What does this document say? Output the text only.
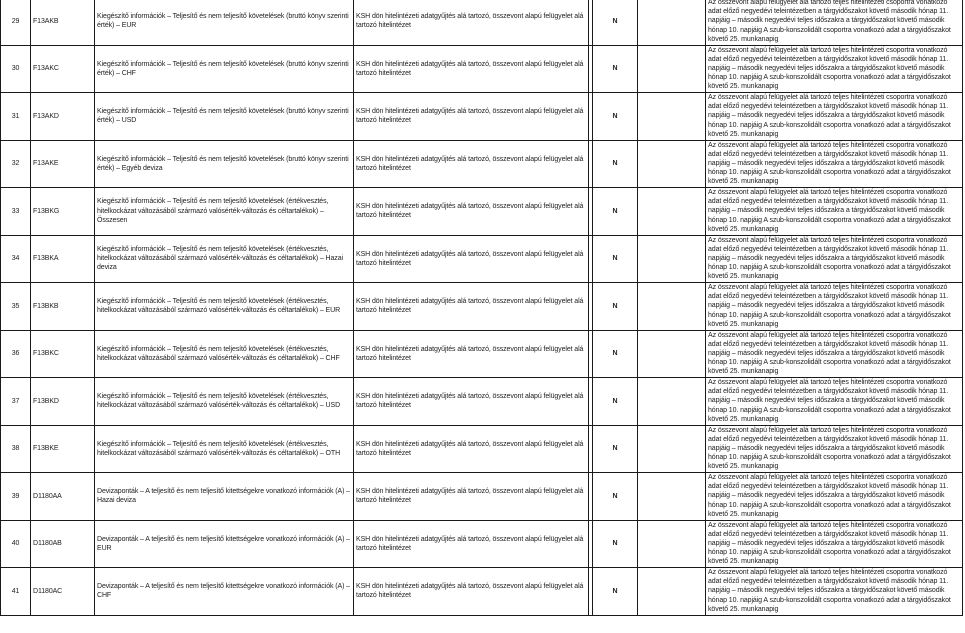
29	F13AKB	Kiegészítő információk – Teljesítő és nem teljesítő követelések (bruttó könyv szerinti érték) – EUR	KSH dön hitelintézeti adatgyűjtés alá tartozó, összevont alapú felügyelet alá tartozó hitelintézet		N		Az összevont alapú felügyelet alá tartozó teljes hitelintézeti csoportra vonatkozó adat előző negyedévi teleintézetben a tárgyidőszakot követő második hónap 11. napjáig – második negyedévi teljes időszakra a tárgyidőszakot követő második hónap 10. napjáig A szub-konszolidált csoportra vonatkozó adat a tárgyidőszakot követő 25. munkanapig
30	F13AKC	Kiegészítő információk – Teljesítő és nem teljesítő követelések (bruttó könyv szerinti érték) – CHF	KSH dön hitelintézeti adatgyűjtés alá tartozó, összevont alapú felügyelet alá tartozó hitelintézet		N		Az összevont alapú felügyelet alá tartozó teljes hitelintézeti csoportra vonatkozó adat előző negyedévi teleintézetben a tárgyidőszakot követő második hónap 11. napjáig – második negyedévi teljes időszakra a tárgyidőszakot követő második hónap 10. napjáig A szub-konszolidált csoportra vonatkozó adat a tárgyidőszakot követő 25. munkanapig
31	F13AKD	Kiegészítő információk – Teljesítő és nem teljesítő követelések (bruttó könyv szerinti érték) – USD	KSH dön hitelintézeti adatgyűjtés alá tartozó, összevont alapú felügyelet alá tartozó hitelintézet		N		Az összevont alapú felügyelet alá tartozó teljes hitelintézeti csoportra vonatkozó adat előző negyedévi teleintézetben a tárgyidőszakot követő második hónap 11. napjáig – második negyedévi teljes időszakra a tárgyidőszakot követő második hónap 10. napjáig A szub-konszolidált csoportra vonatkozó adat a tárgyidőszakot követő 25. munkanapig
32	F13AKE	Kiegészítő információk – Teljesítő és nem teljesítő követelések (bruttó könyv szerinti érték) – Egyéb deviza	KSH dön hitelintézeti adatgyűjtés alá tartozó, összevont alapú felügyelet alá tartozó hitelintézet		N		Az összevont alapú felügyelet alá tartozó teljes hitelintézeti csoportra vonatkozó adat előző negyedévi teleintézetben a tárgyidőszakot követő második hónap 11. napjáig – második negyedévi teljes időszakra a tárgyidőszakot követő második hónap 10. napjáig A szub-konszolidált csoportra vonatkozó adat a tárgyidőszakot követő 25. munkanapig
33	F13BKG	Kiegészítő információk – Teljesítő és nem teljesítő követelések (értékvesztés, hitelkockázat változásából származó valósérték-változás és céltartalékok) – Összesen	KSH dön hitelintézeti adatgyűjtés alá tartozó, összevont alapú felügyelet alá tartozó hitelintézet		N		Az összevont alapú felügyelet alá tartozó teljes hitelintézeti csoportra vonatkozó adat előző negyedévi teleintézetben a tárgyidőszakot követő második hónap 11. napjáig – második negyedévi teljes időszakra a tárgyidőszakot követő második hónap 10. napjáig A szub-konszolidált csoportra vonatkozó adat a tárgyidőszakot követő 25. munkanapig
34	F13BKA	Kiegészítő információk – Teljesítő és nem teljesítő követelések (értékvesztés, hitelkockázat változásából származó valósérték-változás és céltartalékok) – Hazai deviza	KSH dön hitelintézeti adatgyűjtés alá tartozó, összevont alapú felügyelet alá tartozó hitelintézet		N		Az összevont alapú felügyelet alá tartozó teljes hitelintézeti csoportra vonatkozó adat előző negyedévi teleintézetben a tárgyidőszakot követő második hónap 11. napjáig – második negyedévi teljes időszakra a tárgyidőszakot követő második hónap 10. napjáig A szub-konszolidált csoportra vonatkozó adat a tárgyidőszakot követő 25. munkanapig
35	F13BKB	Kiegészítő információk – Teljesítő és nem teljesítő követelések (értékvesztés, hitelkockázat változásából származó valósérték-változás és céltartalékok) – EUR	KSH dön hitelintézeti adatgyűjtés alá tartozó, összevont alapú felügyelet alá tartozó hitelintézet		N		Az összevont alapú felügyelet alá tartozó teljes hitelintézeti csoportra vonatkozó adat előző negyedévi teleintézetben a tárgyidőszakot követő második hónap 11. napjáig – második negyedévi teljes időszakra a tárgyidőszakot követő második hónap 10. napjáig A szub-konszolidált csoportra vonatkozó adat a tárgyidőszakot követő 25. munkanapig
36	F13BKC	Kiegészítő információk – Teljesítő és nem teljesítő követelések (értékvesztés, hitelkockázat változásából származó valósérték-változás és céltartalékok) – CHF	KSH dön hitelintézeti adatgyűjtés alá tartozó, összevont alapú felügyelet alá tartozó hitelintézet		N		Az összevont alapú felügyelet alá tartozó teljes hitelintézeti csoportra vonatkozó adat előző negyedévi teleintézetben a tárgyidőszakot követő második hónap 11. napjáig – második negyedévi teljes időszakra a tárgyidőszakot követő második hónap 10. napjáig A szub-konszolidált csoportra vonatkozó adat a tárgyidőszakot követő 25. munkanapig
37	F13BKD	Kiegészítő információk – Teljesítő és nem teljesítő követelések (értékvesztés, hitelkockázat változásából származó valósérték-változás és céltartalékok) – USD	KSH dön hitelintézeti adatgyűjtés alá tartozó, összevont alapú felügyelet alá tartozó hitelintézet		N		Az összevont alapú felügyelet alá tartozó teljes hitelintézeti csoportra vonatkozó adat előző negyedévi teleintézetben a tárgyidőszakot követő második hónap 11. napjáig – második negyedévi teljes időszakra a tárgyidőszakot követő második hónap 10. napjáig A szub-konszolidált csoportra vonatkozó adat a tárgyidőszakot követő 25. munkanapig
38	F13BKE	Kiegészítő információk – Teljesítő és nem teljesítő követelések (értékvesztés, hitelkockázat változásából származó valósérték-változás és céltartalékok) – OTH	KSH dön hitelintézeti adatgyűjtés alá tartozó, összevont alapú felügyelet alá tartozó hitelintézet		N		Az összevont alapú felügyelet alá tartozó teljes hitelintézeti csoportra vonatkozó adat előző negyedévi teleintézetben a tárgyidőszakot követő második hónap 11. napjáig – második negyedévi teljes időszakra a tárgyidőszakot követő második hónap 10. napjáig A szub-konszolidált csoportra vonatkozó adat a tárgyidőszakot követő 25. munkanapig
39	D1180AA	Devizaponták – A teljesítő és nem teljesítő kitettségekre vonatkozó információk (A) – Hazai deviza	KSH dön hitelintézeti adatgyűjtés alá tartozó, összevont alapú felügyelet alá tartozó hitelintézet		N		Az összevont alapú felügyelet alá tartozó teljes hitelintézeti csoportra vonatkozó adat előző negyedévi teleintézetben a tárgyidőszakot követő második hónap 11. napjáig – második negyedévi teljes időszakra a tárgyidőszakot követő második hónap 10. napjáig A szub-konszolidált csoportra vonatkozó adat a tárgyidőszakot követő 25. munkanapig
40	D1180AB	Devizaponták – A teljesítő és nem teljesítő kitettségekre vonatkozó információk (A) – EUR	KSH dön hitelintézeti adatgyűjtés alá tartozó, összevont alapú felügyelet alá tartozó hitelintézet		N		Az összevont alapú felügyelet alá tartozó teljes hitelintézeti csoportra vonatkozó adat előző negyedévi teleintézetben a tárgyidőszakot követő második hónap 11. napjáig – második negyedévi teljes időszakra a tárgyidőszakot követő második hónap 10. napjáig A szub-konszolidált csoportra vonatkozó adat a tárgyidőszakot követő 25. munkanapig
41	D1180AC	Devizaponták – A teljesítő és nem teljesítő kitettségekre vonatkozó információk (A) – CHF	KSH dön hitelintézeti adatgyűjtés alá tartozó, összevont alapú felügyelet alá tartozó hitelintézet		N		Az összevont alapú felügyelet alá tartozó teljes hitelintézeti csoportra vonatkozó adat előző negyedévi teleintézetben a tárgyidőszakot követő második hónap 11. napjáig – második negyedévi teljes időszakra a tárgyidőszakot követő második hónap 10. napjáig A szub-konszolidált csoportra vonatkozó adat a tárgyidőszakot követő 25. munkanapig
